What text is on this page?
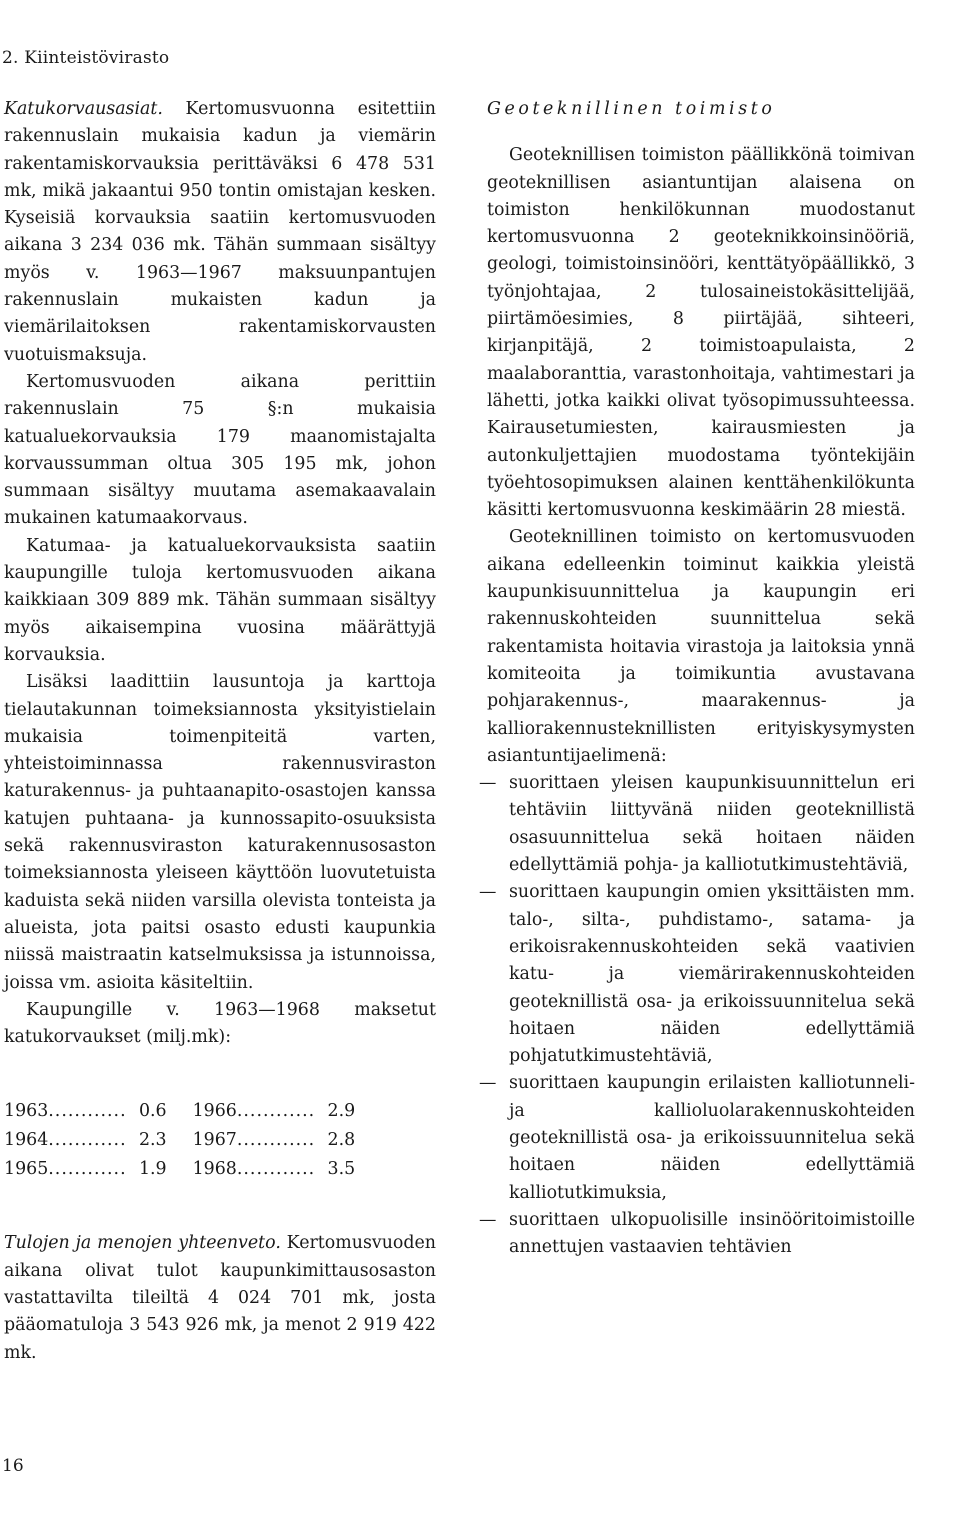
2. Kiinteistövirasto

Katukorvausasiat. Kertomusvuonna esitettiin rakennuslain mukaisia kadun ja viemärin rakentamiskorvauksia perittäväksi 6 478 531 mk, mikä jakaantui 950 tontin omistajan kesken. Kyseisiä korvauksia saatiin kertomusvuoden aikana 3 234 036 mk. Tähän summaan sisältyy myös v. 1963—1967 maksuunpantujen rakennuslain mukaisten kadun ja viemärilaitoksen rakentamiskorvausten vuotuismaksuja.

Kertomusvuoden aikana perittiin rakennuslain 75 §:n mukaisia katualuekorvauksia 179 maanomistajalta korvaussumman oltua 305 195 mk, johon summaan sisältyy muutama asemakaavalain mukainen katumaakorvaus.

Katumaa- ja katualuekorvauksista saatiin kaupungille tuloja kertomusvuoden aikana kaikkiaan 309 889 mk. Tähän summaan sisältyy myös aikaisempina vuosina määrättyjä korvauksia.

Lisäksi laadittiin lausuntoja ja karttoja tielautakunnan toimeksiannosta yksityistielain mukaisia toimenpiteitä varten, yhteistoiminnassa rakennusviraston katurakennus- ja puhtaanapito-osastojen kanssa katujen puhtaana- ja kunnossapito-osuuksista sekä rakennusviraston katurakennusosaston toimeksiannosta yleiseen käyttöön luovutetuista kaduista sekä niiden varsilla olevista tonteista ja alueista, jota paitsi osasto edusti kaupunkia niissä maistraatin katselmuksissa ja istunnoissa, joissa vm. asioita käsiteltiin.

Kaupungille v. 1963—1968 maksetut katukorvaukset (milj.mk):

1963	............	0.6	1966	............	2.9
1964	............	2.3	1967	............	2.8
1965	............	1.9	1968	............	3.5

Tulojen ja menojen yhteenveto. Kertomusvuoden aikana olivat tulot kaupunkimittausosaston vastattavilta tileiltä 4 024 701 mk, josta pääomatuloja 3 543 926 mk, ja menot 2 919 422 mk.

Geoteknillinen toimisto

Geoteknillisen toimiston päällikkönä toimivan geoteknillisen asiantuntijan alaisena on toimiston henkilökunnan muodostanut kertomusvuonna 2 geoteknikkoinsinööriä, geologi, toimistoinsinööri, kenttätyöpäällikkö, 3 työnjohtajaa, 2 tulosaineistokäsittelijää, piirtämöesimies, 8 piirtäjää, sihteeri, kirjanpitäjä, 2 toimistoapulaista, 2 maalaboranttia, varastonhoitaja, vahtimestari ja lähetti, jotka kaikki olivat työsopimussuhteessa. Kairausetumiesten, kairausmiesten ja autonkuljettajien muodostama työntekijäin työehtosopimuksen alainen kenttähenkilökunta käsitti kertomusvuonna keskimäärin 28 miestä.

Geoteknillinen toimisto on kertomusvuoden aikana edelleenkin toiminut kaikkia yleistä kaupunkisuunnittelua ja kaupungin eri rakennuskohteiden suunnittelua sekä rakentamista hoitavia virastoja ja laitoksia ynnä komiteoita ja toimikuntia avustavana pohjarakennus-, maarakennus- ja kalliorakennusteknillisten erityiskysymysten asiantuntijaelimenä:

— suorittaen yleisen kaupunkisuunnittelun eri tehtäviin liittyvänä niiden geoteknillistä osasuunnittelua sekä hoitaen näiden edellyttämiä pohja- ja kalliotutkimustehtäviä,
— suorittaen kaupungin omien yksittäisten mm. talo-, silta-, puhdistamo-, satama- ja erikoisrakennuskohteiden sekä vaativien katu- ja viemärirakennuskohteiden geoteknillistä osa- ja erikoissuunnitelua sekä hoitaen näiden edellyttämiä pohjatutkimustehtäviä,
— suorittaen kaupungin erilaisten kalliotunneli- ja kallioluolarakennuskohteiden geoteknillistä osa- ja erikoissuunnitelua sekä hoitaen näiden edellyttämiä kalliotutkimuksia,
— suorittaen ulkopuolisille insinööritoimistoille annettujen vastaavien tehtävien
16
